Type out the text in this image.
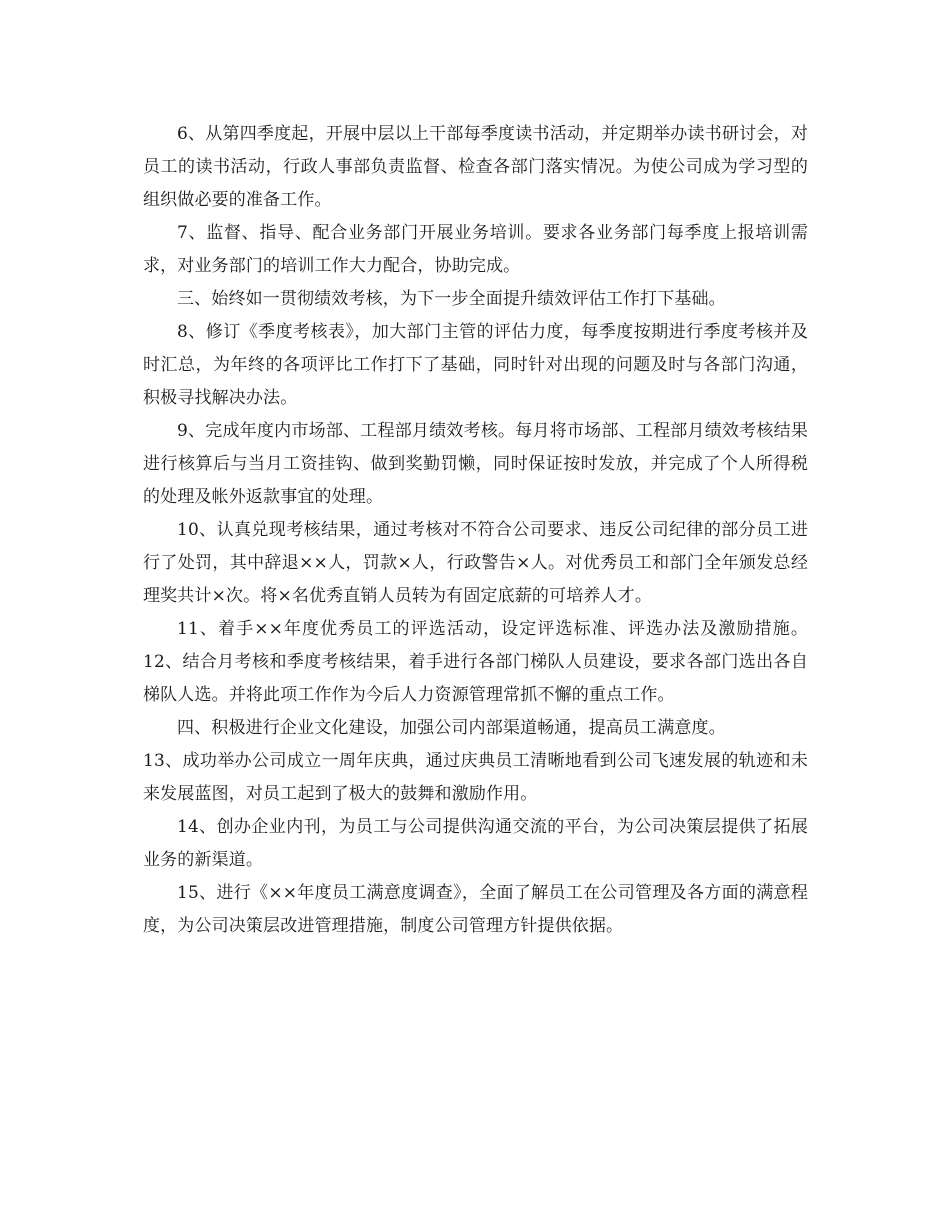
6、从第四季度起，开展中层以上干部每季度读书活动，并定期举办读书研讨会，对员工的读书活动，行政人事部负责监督、检查各部门落实情况。为使公司成为学习型的组织做必要的准备工作。

7、监督、指导、配合业务部门开展业务培训。要求各业务部门每季度上报培训需求，对业务部门的培训工作大力配合，协助完成。

三、始终如一贯彻绩效考核，为下一步全面提升绩效评估工作打下基础。

8、修订《季度考核表》，加大部门主管的评估力度，每季度按期进行季度考核并及时汇总，为年终的各项评比工作打下了基础，同时针对出现的问题及时与各部门沟通，积极寻找解决办法。

9、完成年度内市场部、工程部月绩效考核。每月将市场部、工程部月绩效考核结果进行核算后与当月工资挂钩、做到奖勤罚懒，同时保证按时发放，并完成了个人所得税的处理及帐外返款事宜的处理。

10、认真兑现考核结果，通过考核对不符合公司要求、违反公司纪律的部分员工进行了处罚，其中辞退××人，罚款×人，行政警告×人。对优秀员工和部门全年颁发总经理奖共计×次。将×名优秀直销人员转为有固定底薪的可培养人才。

11、着手××年度优秀员工的评选活动，设定评选标准、评选办法及激励措施。12、结合月考核和季度考核结果，着手进行各部门梯队人员建设，要求各部门选出各自梯队人选。并将此项工作作为今后人力资源管理常抓不懈的重点工作。

四、积极进行企业文化建设，加强公司内部渠道畅通，提高员工满意度。

13、成功举办公司成立一周年庆典，通过庆典员工清晰地看到公司飞速发展的轨迹和未来发展蓝图，对员工起到了极大的鼓舞和激励作用。

14、创办企业内刊，为员工与公司提供沟通交流的平台，为公司决策层提供了拓展业务的新渠道。

15、进行《××年度员工满意度调查》，全面了解员工在公司管理及各方面的满意程度，为公司决策层改进管理措施，制度公司管理方针提供依据。
